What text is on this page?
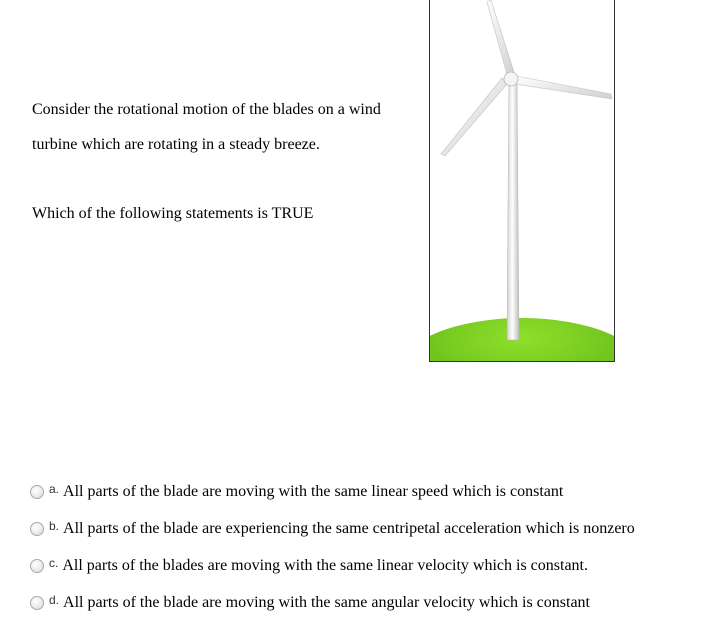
Consider the rotational motion of the blades on a wind

turbine which are rotating in a steady breeze.

Which of the following statements is TRUE

a. All parts of the blade are moving with the same linear speed which is constant
b. All parts of the blade are experiencing the same centripetal acceleration which is nonzero
c. All parts of the blades are moving with the same linear velocity which is constant.
d. All parts of the blade are moving with the same angular velocity which is constant
